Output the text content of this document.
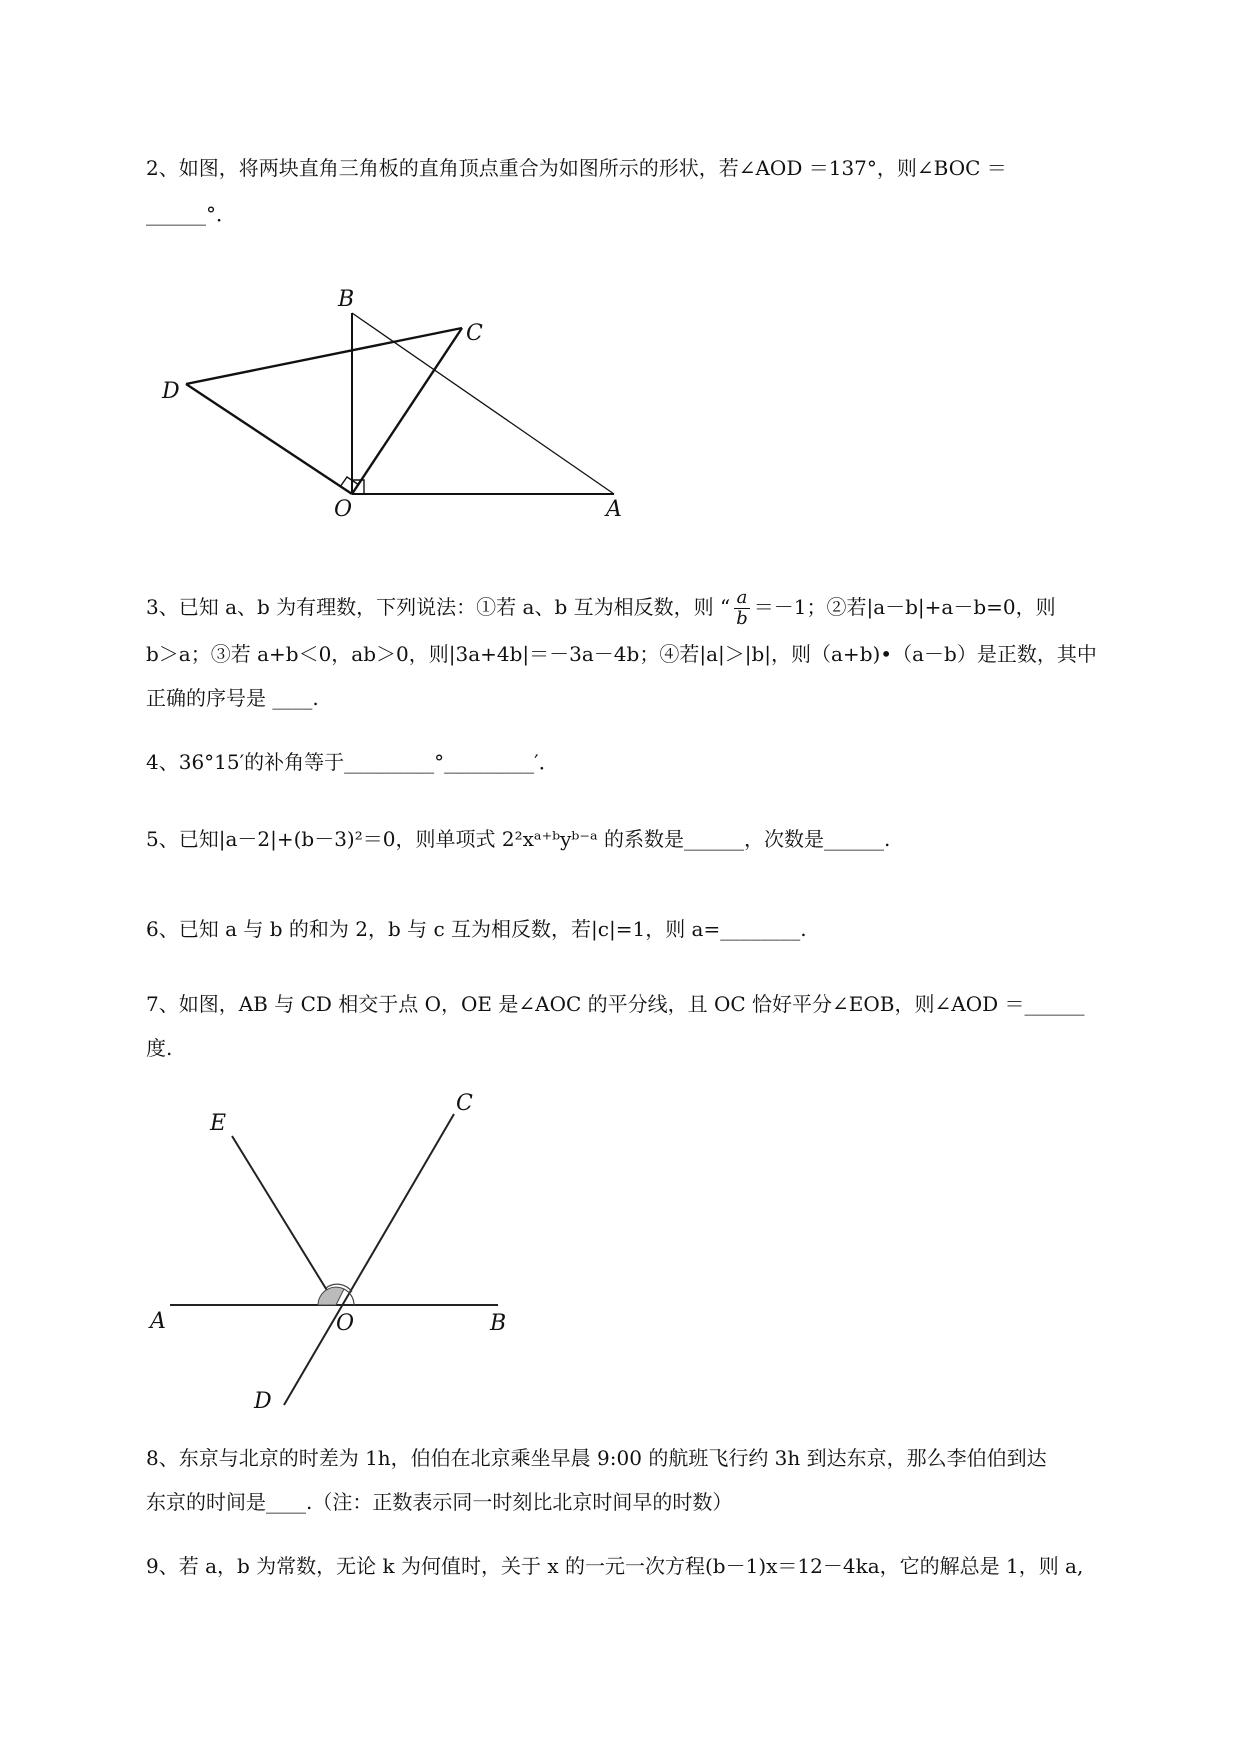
2、如图，将两块直角三角板的直角顶点重合为如图所示的形状，若∠AOD ＝137°，则∠BOC ＝
______°．
B
C
D
O	A
3、已知 a、b 为有理数，下列说法：①若 a、b 互为相反数，则 “ $\frac{a}{b} =-1$；②若|a－b|+a－b=0，则
b＞a；③若 a+b＜0，ab＞0，则|3a+4b|＝－3a－4b；④若|a|＞|b|，则（a+b)•（a－b）是正数，其中
正确的序号是 ____.
4、36°15′的补角等于_________°_________′．
5、已知|a－2|+(b－3)²＝0，则单项式 2²xᵃ⁺ᵇyᵇ⁻ᵃ 的系数是______，次数是______.
6、已知 a 与 b 的和为 2，b 与 c 互为相反数，若|c|=1，则 a=________.
7、如图，AB 与 CD 相交于点 O，OE 是∠AOC 的平分线，且 OC 恰好平分∠EOB，则∠AOD ＝______
度.
E
C
A	O	B
D
8、东京与北京的时差为 1h，伯伯在北京乘坐早晨 9:00 的航班飞行约 3h 到达东京，那么李伯伯到达
东京的时间是____.（注：正数表示同一时刻比北京时间早的时数）
9、若 a，b 为常数，无论 k 为何值时，关于 x 的一元一次方程(b－1)x＝12－4ka，它的解总是 1，则 a,
